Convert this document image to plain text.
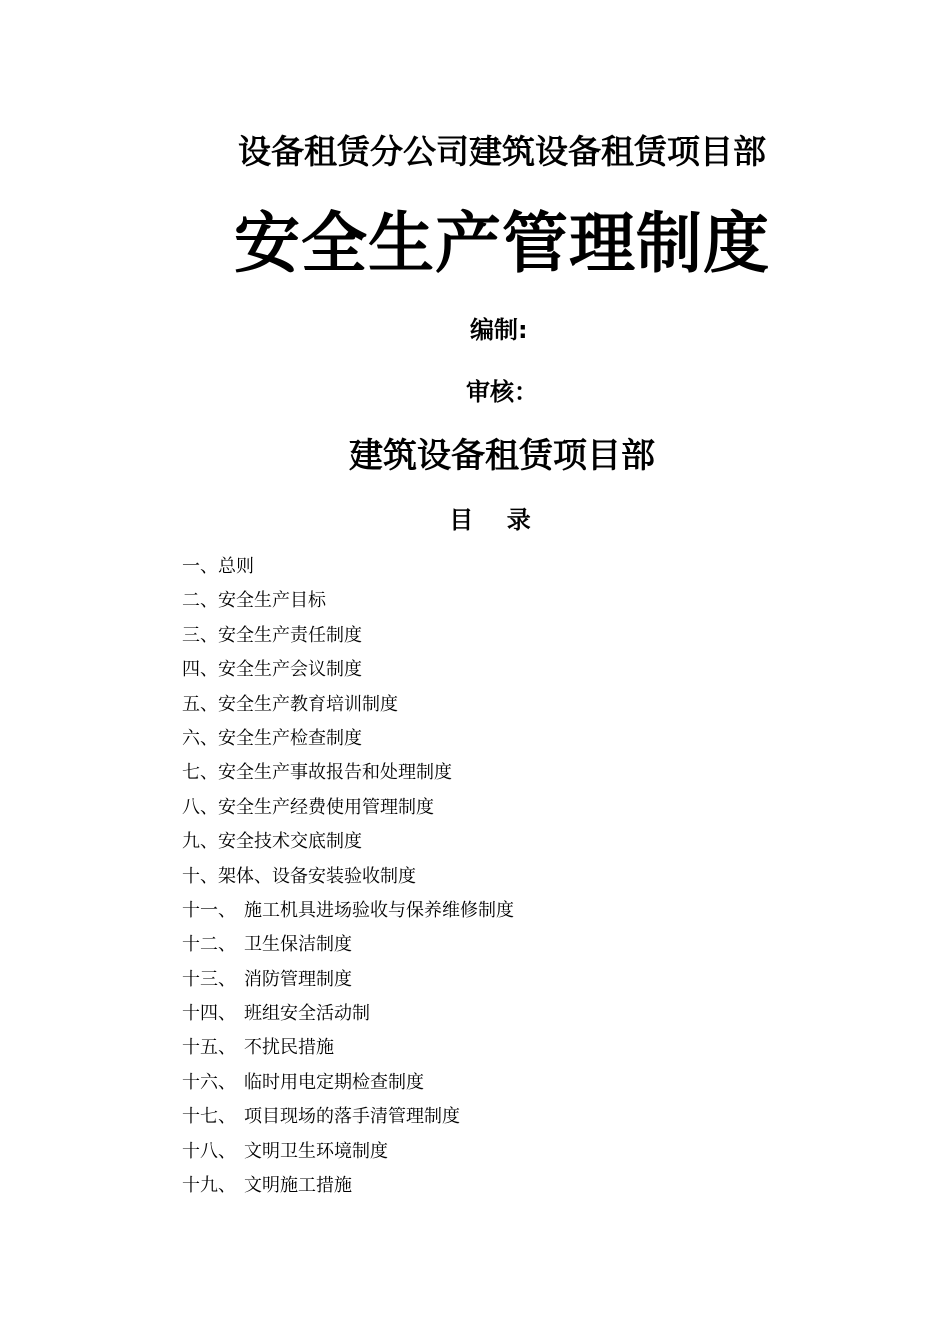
设备租赁分公司建筑设备租赁项目部
安全生产管理制度
编制:
审核：
建筑设备租赁项目部
目    录
一、总则
二、安全生产目标
三、安全生产责任制度
四、安全生产会议制度
五、安全生产教育培训制度
六、安全生产检查制度
七、安全生产事故报告和处理制度
八、安全生产经费使用管理制度
九、安全技术交底制度
十、架体、设备安装验收制度
十一、 施工机具进场验收与保养维修制度
十二、 卫生保洁制度
十三、 消防管理制度
十四、 班组安全活动制
十五、 不扰民措施
十六、 临时用电定期检查制度
十七、 项目现场的落手清管理制度
十八、 文明卫生环境制度
十九、 文明施工措施
